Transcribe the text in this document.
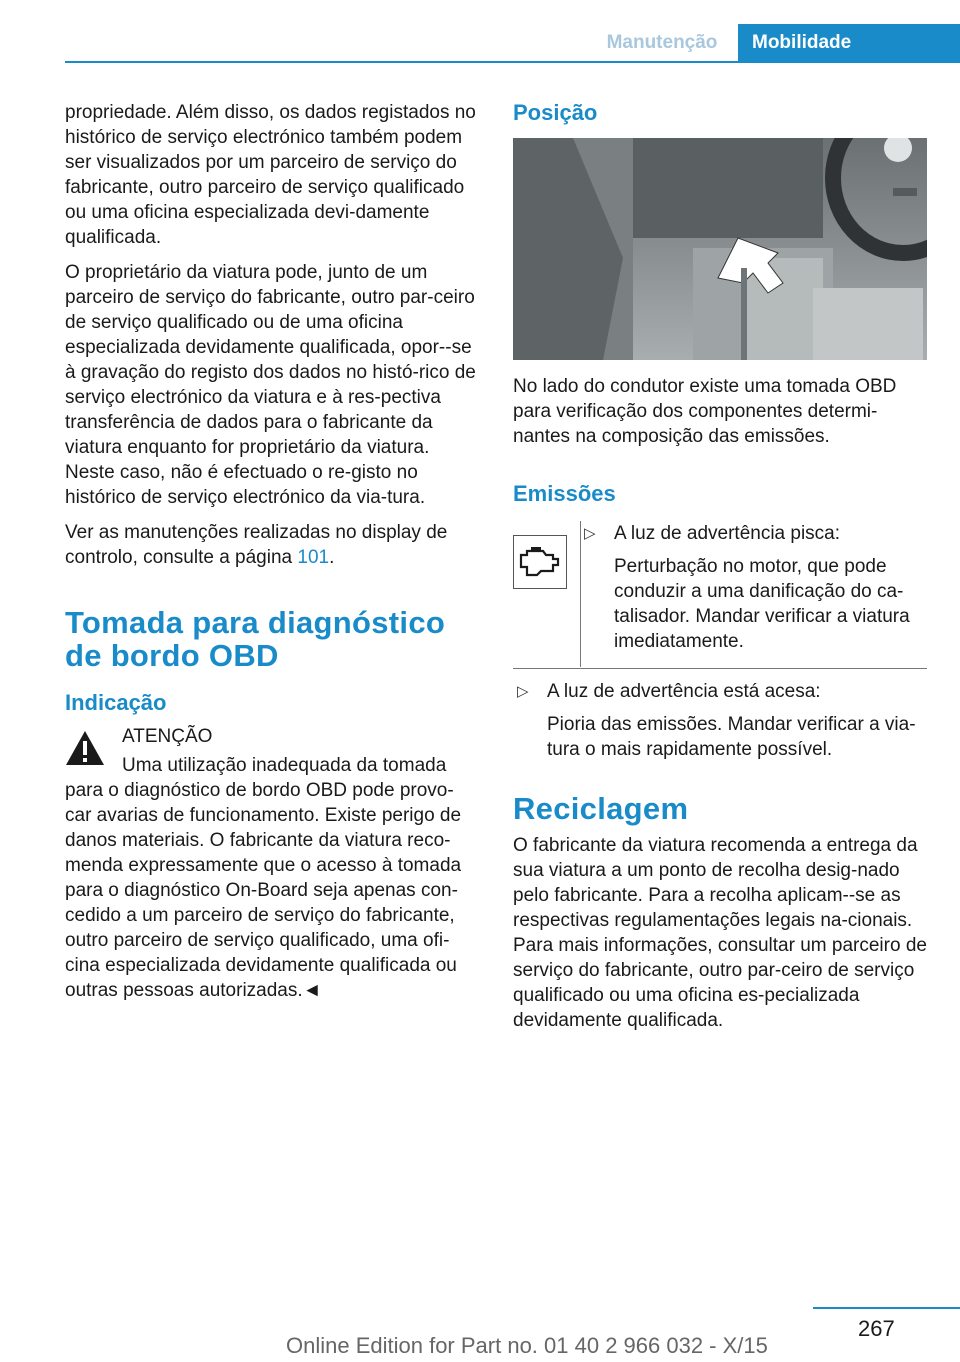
Manutenção	Mobilidade

propriedade. Além disso, os dados registados no histórico de serviço electrónico também podem ser visualizados por um parceiro de serviço do fabricante, outro parceiro de serviço qualificado ou uma oficina especializada devi-damente qualificada.

O proprietário da viatura pode, junto de um parceiro de serviço do fabricante, outro par-ceiro de serviço qualificado ou de uma oficina especializada devidamente qualificada, opor--se à gravação do registo dos dados no histó-rico de serviço electrónico da viatura e à res-pectiva transferência de dados para o fabricante da viatura enquanto for proprietário da viatura. Neste caso, não é efectuado o re-gisto no histórico de serviço electrónico da via-tura.

Ver as manutenções realizadas no display de controlo, consulte a página 101.

Tomada para diagnóstico de bordo OBD
Indicação

ATENÇÃO

Uma utilização inadequada da tomada para o diagnóstico de bordo OBD pode provo-car avarias de funcionamento. Existe perigo de danos materiais. O fabricante da viatura reco-menda expressamente que o acesso à tomada para o diagnóstico On-Board seja apenas con-cedido a um parceiro de serviço do fabricante, outro parceiro de serviço qualificado, uma ofi-cina especializada devidamente qualificada ou outras pessoas autorizadas.◄

Posição

No lado do condutor existe uma tomada OBD para verificação dos componentes determi-nantes na composição das emissões.

Emissões
▷ A luz de advertência pisca:
Perturbação no motor, que pode conduzir a uma danificação do ca-talisador. Mandar verificar a viatura imediatamente.
▷ A luz de advertência está acesa:
Pioria das emissões. Mandar verificar a via-tura o mais rapidamente possível.
Reciclagem

O fabricante da viatura recomenda a entrega da sua viatura a um ponto de recolha desig-nado pelo fabricante. Para a recolha aplicam--se as respectivas regulamentações legais na-cionais. Para mais informações, consultar um parceiro de serviço do fabricante, outro par-ceiro de serviço qualificado ou uma oficina es-pecializada devidamente qualificada.

267
Online Edition for Part no. 01 40 2 966 032 - X/15
